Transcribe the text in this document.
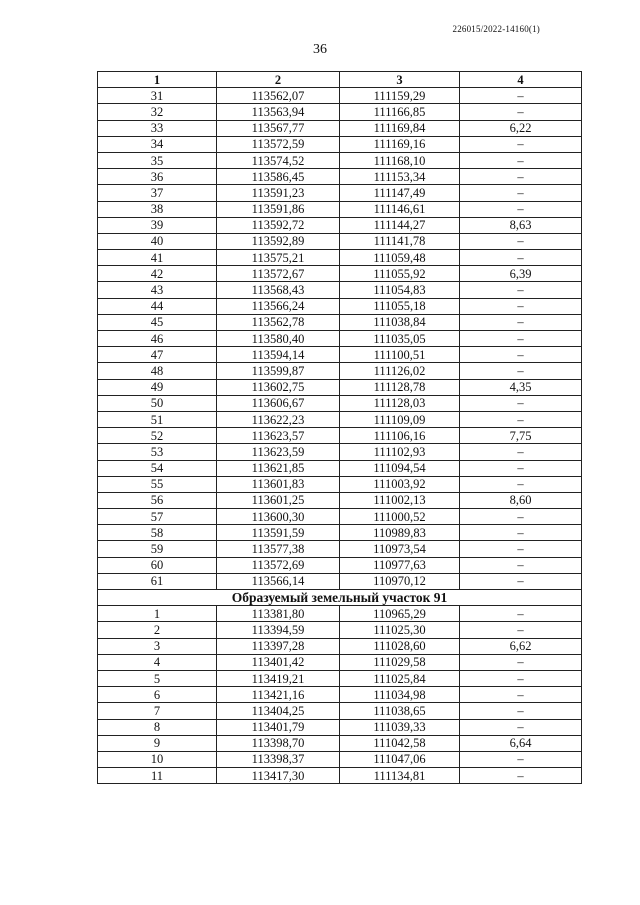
226015/2022-14160(1)
36
1	2	3	4
31	113562,07	111159,29	–
32	113563,94	111166,85	–
33	113567,77	111169,84	6,22
34	113572,59	111169,16	–
35	113574,52	111168,10	–
36	113586,45	111153,34	–
37	113591,23	111147,49	–
38	113591,86	111146,61	–
39	113592,72	111144,27	8,63
40	113592,89	111141,78	–
41	113575,21	111059,48	–
42	113572,67	111055,92	6,39
43	113568,43	111054,83	–
44	113566,24	111055,18	–
45	113562,78	111038,84	–
46	113580,40	111035,05	–
47	113594,14	111100,51	–
48	113599,87	111126,02	–
49	113602,75	111128,78	4,35
50	113606,67	111128,03	–
51	113622,23	111109,09	–
52	113623,57	111106,16	7,75
53	113623,59	111102,93	–
54	113621,85	111094,54	–
55	113601,83	111003,92	–
56	113601,25	111002,13	8,60
57	113600,30	111000,52	–
58	113591,59	110989,83	–
59	113577,38	110973,54	–
60	113572,69	110977,63	–
61	113566,14	110970,12	–
Образуемый земельный участок 91			
1	113381,80	110965,29	–
2	113394,59	111025,30	–
3	113397,28	111028,60	6,62
4	113401,42	111029,58	–
5	113419,21	111025,84	–
6	113421,16	111034,98	–
7	113404,25	111038,65	–
8	113401,79	111039,33	–
9	113398,70	111042,58	6,64
10	113398,37	111047,06	–
11	113417,30	111134,81	–
